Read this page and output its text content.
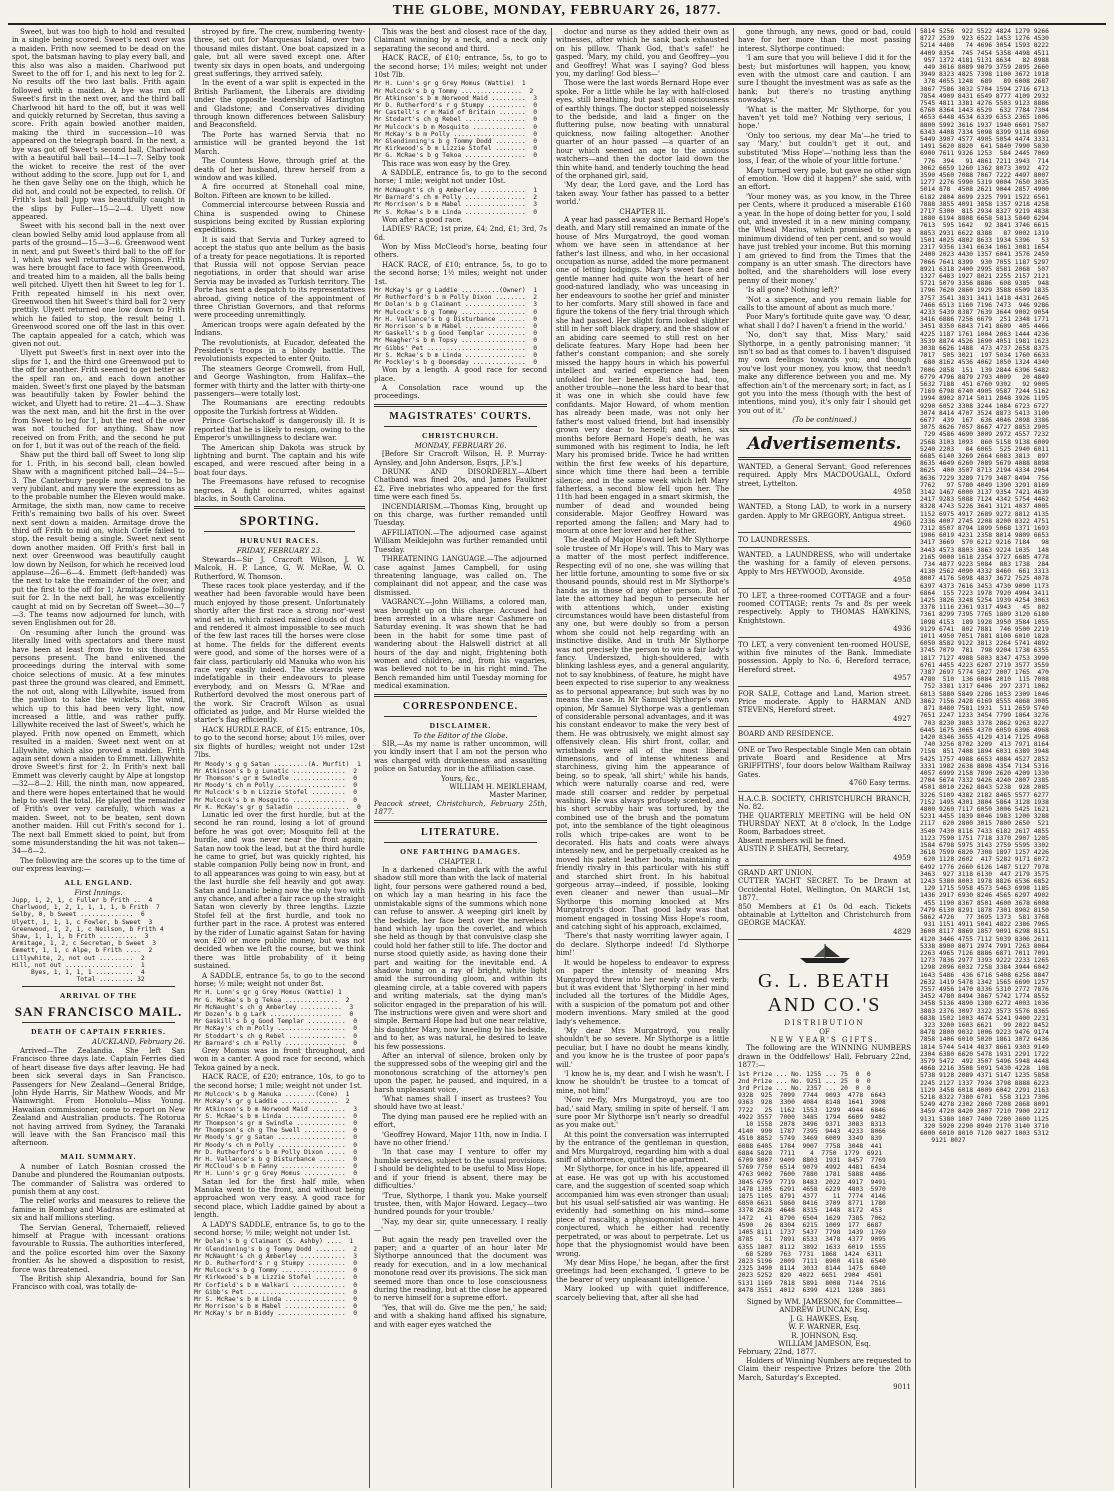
THE GLOBE, MONDAY, FEBRUARY 26, 1877.

Sweet, but was too high to hold and resulted in a single being scored. Sweet's next over was a maiden. Frith now seemed to be dead on the spot, the batsman having to play every ball, and this also was also a maiden. Charlwood put Sweet to the off for 1, and his next to leg for 2. No results off the two last balls. Frith again followed with a maiden. A bye was run off Sweet's first in the next over, and the third ball Charlwood hit hard to the off, but it was well and quickly returned by Secretan, thus saving a score. Frith again bowled another maiden, making the third in succession—10 was appeared on the telegraph board. In the next, a bye was got off Sweet's second ball, Charlwood with a beautiful ball bail—14—1—7. Selby took the wicket to receive the rest of the over without adding to the score. Jupp out for 1, and he then gave Selby one on the thigh, which he did not, and could not be expected, to relish. Of Frith's last ball Jupp was beautifully caught in the slips by Fuller—15—2—4. Ulyett now appeared.

Sweet with his second ball in the next over clean bowled Selby amid loud applause from all parts of the ground—15—3—6. Greenwood went in next, and put Sweet's third ball to the off for 1, which was well returned by Simpson. Frith was here brought face to face with Greenwood, and treated him to a maiden, all the balls being well pitched. Ulyett then hit Sweet to leg for 1. Frith repeated himself in his next over, Greenwood then hit Sweet's third ball for 2 very prettily. Ulyett returned one low down to Frith which he failed to stop, the result being 1. Greenwood scored one off the last in this over. The captain appealed for a catch, which was given not out.

Ulyett put Sweet's first in next over into the slips for 1, and the third one Greenwood put to the off for another. Frith seemed to get better as the spell ran on, and each down another maiden. Sweet's first one played by the batsman was beautifully taken by Fowler behind the wicket, and Ulyett had to retire. 21—4—3. Shaw was the next man, and hit the first in the over from Sweet to leg for 1, but the rest of the over was not touched for anything. Shaw now received on from Frith, and the second he put on for 1, but it was out of the reach of the field.

Shaw put the third ball off Sweet to long slip for 1. Frith, in his second ball, clean bowled Shaw with a magnificent pitched ball—24—5—3. The Canterbury people now seemed to be very jubilant, and many were the expressions as to the probable number the Eleven would make. Armitage, the sixth man, now came to receive Frith's remaining two balls of his over. Sweet next sent down a maiden. Armitage drove the third off Frith to mid on, which Corfe failed to stop, the result being a single. Sweet next sent down another maiden. Off Frith's first ball in next over Greenwood was beautifully caught low down by Neilson, for which he received loud applause—26—6—4. Emmett (left-handed) was the next to take the remainder of the over, and put the first to the off for 1; Armitage following suit for 2. In the next ball, he was excellently caught at mid on by Secretan off Sweet—30—7—3. The teams now adjourned for lunch, with seven Englishmen out for 28.

On resuming after lunch the ground was literally lined with spectators and there must have been at least from five to six thousand persons present. The band enlivened the proceedings during the interval with some choice selections of music. At a few minutes past three the ground was cleared, and Emmett, the not out, along with Lillywhite, issued from the pavilion to take the wickets. The wind, which up to this had been very light, now increased a little, and was rather puffy. Lillywhite received the last of Sweet's, which he played. Frith now opened on Emmett, which resulted in a maiden. Sweet next went on at Lillywhite, which also proved a maiden. Frith again sent down a maiden to Emmett. Lillywhite drove Sweet's first for 2. In Frith's next ball Emmett was cleverly caught by Alpe at longstop—32—8—2. Hill, the ninth man, now appeared, and there were hopes entertained that he would help to swell the total. He played the remainder of Frith's over very carefully, which was a maiden. Sweet, not to be beaten, sent down another maiden. Hill cut Frith's second for 1. The next ball Emmett skied to point, but from some misunderstanding the hit was not taken—34—8—2.

The following are the scores up to the time of our express leaving:—

ALL ENGLAND.
First Innings.
Jupp, 1, 2, 1, c Fuller b Frith ..  4
Charlwood, 1, 2, 1, 1, 1, 1, b Frith  7
Selby, 0, b Sweet ..............  6
Ulyett, 1, 1, 1, c Fowler, b Sweet  3
Greenwood, 1, 2, 1, c Neilson, b Frith 4
Shaw, 1, 1, 1, b Frith ..........  3
Armitage, 1, 2, c Secretan, b Sweet  3
Emmett, 1, 1, c Alpe, b Frith ....  2
Lillywhite, 2, not out .........  2
Hill, not out ..................  1
Byes, 1, 1, 1, 1 ..........  4
Total ......... 32
ARRIVAL OF THE
SAN FRANCISCO MAIL.
DEATH OF CAPTAIN FERRIES.
AUCKLAND, February 26.

Arrived—The Zealandia. She left San Francisco three days late. Captain Ferries died of heart disease five days after leaving. He had been sick several days in San Francisco. Passengers for New Zealand—General Bridge, John Hyde Harris, Sir Mathew Woods, and Mr Wainwright. From Honolulu—Miss Young. Hawaiian commissioner, come to report on New Zealand and Australian products. The Rotorua not having arrived from Sydney, the Taranaki will leave with the San Francisco mail this afternoon.

MAIL SUMMARY.

A number of Latch Bosnian crossed the Danube and plundered the Roumanian outposts. The commander of Salistra was ordered to punish them at any cost.

The relief works and measures to relieve the famine in Bombay and Madras are estimated at six and half millions sterling.

The Servian General, Tchernaieff, relieved himself at Prague with incessant orations favourable to Russia. The authorities interfered, and the police escorted him over the Saxony frontier. As he showed a disposition to resist, force was threatened.

The British ship Alexandria, bound for San Francisco with coal, was totally de-

stroyed by fire. The crew, numbering twenty-three, set out for Marquesas Island, over two thousand miles distant. One boat capsized in a gale, but all were saved except one. After twenty six days in open boats, and undergoing great sufferings, they arrived safely.

In the event of a war split is expected in the British Parliament, the Liberals are dividing under the opposite leadership of Hartington and Gladstone; and Conservatives dividing through known differences between Salisbury and Beaconsfield.

The Porte has warned Servia that no armistice will be granted beyond the 1st March.

The Countess Howe, through grief at the death of her husband, threw herself from a window and was killed.

A fire occurred at Stonehall coal mine, Bolton. Fifteen are known to be killed.

Commercial intercourse between Russia and China is suspended owing to Chinese suspicions being excited by Russian exploring expeditions.

It is said that Servia and Turkey agreed to accept the status quo ante bellum as the basis of a treaty for peace negotiations. It is reported that Russia will not oppose Servian peace negotiations, in order that should war arise Servia may be invaded as Turkish territory. The Porte has sent a despatch to its representatives abroad, giving notice of the appointment of three Christian Governors, and that reforms were proceeding unremittingly.

American troops were again defeated by the Indians.

The revolutionists, at Eucador, defeated the President's troops in a bloody battle. The revolutionists expected to enter Quito.

The steamers George Cromwell, from Hull, and George Washington, from Halifax—the former with thirty and the latter with thirty-one passengers—were totally lost.

The Roumanians are erecting redoubts opposite the Turkish fortress at Widden.

Prince Gortschakoff is dangerously ill. It is reported that he is likely to resign, owing to the Emperor's unwillingness to declare war.

The American ship Dakota was struck by lightning and burnt. The captain and his wife escaped, and were rescued after being in a boat four days.

The Freemasons have refused to recognise negroes. A fight occurred, whites against blacks, in South Carolina.

SPORTING.
HURUNUI RACES.
FRIDAY, FEBRUARY 23.

Stewards—Sir J. Cracroft Wilson, J. W. Malcok, H. P. Lance, G. W. McRae, W. O. Rutherford, W. Thomson.

These races took place yesterday, and if the weather had been favorable would have been much enjoyed by those present. Unfortunately shortly after the first race a strong nor'-west wind set in, which raised rained clouds of dust and rendered it almost impossible to see much of the few last races till the horses were close at home. The fields for the different events were good, and some of the horses were of a fair class, particularly old Manuka who won his race very easily indeed. The stewards were indefatigable in their endeavours to please everybody, and on Messrs G. M'Rae and Rutherford devolved the most onerous part of the work. Sir Cracroft Wilson as usual officiated as judge, and Mr Hurse wielded the starter's flag efficiently.

HACK HURDLE RACE, of £15; entrance, 10s, to go to the second horse; about 1½ miles, over six flights of hurdles; weight not under 12st 7lbs.

Mr Moody's g g Satan .........(A. Murfit)  1
Mr Atkinson's b g Lunatic ..............  2
Mr Thomson's gr m Swindle ..............  0
Mr Moody's ch m Polly ..................  0
Mr Mulcock's b m Lizzie Stofel .........  0
Mr Mulcock's b m Mosquito ..............  0
Mr K. McKay's gr g Saladin ..............  0

Lunatic led over the first hurdle, but at the second he ran round, losing a lot of ground before he was got over; Mosquito fell at the hurdle, and was never near the front again; Satan now took the lead, but at the third hurdle he came to grief, but was quickly righted, his stable companion Polly being now in front, and to all appearances was going to win easy, but at the last hurdle she fell heavily and got away. Satan and Lunatic being now the only two with any chance, and after a fair race up the straight Satan won cleverly by three lengths. Lizzie Stofel fell at the first hurdle, and took no further part in the race. A protest was entered by the rider of Lunatic against Satan for having won £20 or more public money, but was not decided when we left the course, but we think there was little probability of it being sustained.

A SADDLE, entrance 5s, to go to the second horse; ½ mile; weight not under 8st.

Mr H. Lunn's gr g Grey Momus (Wattie) 1
Mr G. McRae's b g Tekoa ..............  2
Mr McNaught's ch g Amberley ...........  3
Mr Dozen's b g Lark ...................  0
Mr Gaskill's b g Good Templar ..........  0
Mr McKay's ch m Polly ..................  0
Mr Stoddart's ch g Rebel ...............  0
Mr Barnard's ch m Polly ................  0

Grey Momus was in front throughout, and won in a canter. A good race for second, which Tekoa gained by a neck.

HACK RACE, of £20; entrance, 10s, to go to the second horse; 1 mile; weight not under 1st.

Mr Mulcock's b g Manuka ........(Cone)  1
Mr McKay's gr g Laddie ...............  2
Mr Atkinson's b m Norwood Maid .........  3
Mr S. McRae's b m Linda ................  0
Mr Thompson's gr m Swindle .............  0
Mr Thompson's ch g The Swell ...........  0
Mr Moody's gr g Satan ..................  0
Mr Moody's ch m Polly ..................  0
Mr D. Rutherford's b m Polly Dixon .....  0
Mr H. Vallance's b g Disturbance .......  0
Mr McCloud's b m Fanny .................  0
Mr H. Lunn's gr g Grey Momus ...........  0

Satan led for the first half mile, when Manuka went to the front, and without being approached won very easy. A good race for second place, which Laddie gained by about a length.

A LADY'S SADDLE, entrance 5s, to go to the second horse; ½ mile; weight not under 1st.

Mr Dolan's b g Claimant (S. Ashby) ....  1
Mr Glendinning's b g Tommy Dodd ........  2
Mr McNaught's ch g Amberley ............  3
Mr D. Rutherford's r g Stumpy ..........  0
Mr Mulcock's b g Tommy .................  0
Mr Kirkwood's b m Lizzie Stofel ........  0
Mr Corfield's b m Walkari ..............  0
Mr Gibb's Pet ..........................  0
Mr S. McRae's b m Linda ................  0
Mr Morrison's b m Mabel ................  0
Mr McKay's br m Biddy ..................  0

This was the best and closest race of the day, Claimant winning by a neck, and a neck only separating the second and third.

HACK RACE, of £10; entrance, 5s, to go to the second horse; 1½ miles; weight not under 10st 7lb.

Mr H. Lunn's gr g Grey Momus (Wattie)  1
Mr Mulcock's b g Tommy ................  2
Mr Atkinson's b m Norwood Maid .........  3
Mr D. Rutherford's r g Stumpy ..........  0
Mr Castell's r m Maid of Britain .......  0
Mr Stodart's ch g Rebel ................  0
Mr Mulcock's b m Mosquito ..............  0
Mr McKay's b m Polly ...................  0
Mr Glendinning's b g Tommy Dodd ........  0
Mr Kirkwood's b m Lizzie Stofel ........  0
Mr G. McRae's b g Tekoa ................  0

This race was won easy by the Grey.

A SADDLE, entrance 5s, to go to the second horse; 1 mile; weight not under 10st.

Mr McNaught's ch g Amberley ............  1
Mr Barnard's ch m Polly ................  2
Mr Morrison's b m Mabel ................  3
Mr S. McRae's b m Linda ................  0

Won after a good race.

LADIES' RACE; 1st prize, £4; 2nd, £1; 3rd, 7s 6d.

Won by Miss McCleod's horse, beating four others.

HACK RACE, of £10; entrance, 5s, to go to the second horse; 1½ miles; weight not under 1st.

Mr McKay's gr g Laddie ..........(Owner)  1
Mr Rutherford's b m Polly Dixon ........  2
Mr Dolan's b g Claimant ................  3
Mr Mulcock's b g Tommy .................  0
Mr H. Vallance's b g Disturbance .......  0
Mr Morrison's b m Mabel ................  0
Mr Gaskell's b g Good Templar ..........  0
Mr Meagher's b m Topsy .................  0
Mr Gibbs' Pet ..........................  0
Mr S. McRae's b m Linda ................  0
Mr Pockley's b g Doomsday ..............  0

Won by a length. A good race for second place.

A Consolation race wound up the proceedings.

MAGISTRATES' COURTS.
CHRISTCHURCH.
MONDAY, FEBRUARY 26.

[Before Sir Cracroft Wilson, H. P. Murray-Aynsley, and John Anderson, Esqrs, J.P.'s.]

DRUNK AND DISORDERLY.—Albert Chatband was fined 20s, and James Faulkner £2. Five inebriates who appeared for the first time were each fined 5s.

INCENDIARISM.—Thomas King, brought up on this charge, was further remanded until Tuesday.

AFFILIATION.—The adjourned case against William Meiklejohn was further remanded until Tuesday.

THREATENING LANGUAGE.—The adjourned case against James Campbell, for using threatening language, was called on. The complainant did not appear, and the case was dismissed.

VAGRANCY.—John Williams, a colored man, was brought up on this charge. Accused had been arrested in a whare near Cashmere on Saturday evening. It was shown that he had been in the habit for some time past of wandering about the Halswell district at all hours of the day and night, frightening both women and children, and, from his vagaries, was believed not to be in his right mind. The Bench remanded him until Tuesday morning for medical examination.

CORRESPONDENCE.
DISCLAIMER.
To the Editor of the Globe.

SIR,—As my name is rather uncommon, will you kindly insert that I am not the person who was charged with drunkenness and assaulting police on Saturday, nor in the affiliation case.

Yours, &c.,
WILLIAM H. MEIKLEHAM,
Master Mariner,
Peacock street, Christchurch, February 25th, 1877.
LITERATURE.
ONE FARTHING DAMAGES.
CHAPTER I.

In a darkened chamber, dark with the awful shadow still more than with the lack of material light, four persons were gathered round a bed, on which lay a man hearing in his face the unmistakable signs of the summons which none can refuse to answer. A weeping girl knelt by the bedside, her face bent over the nerveless hand which lay upon the coverlet, and which she held as though by that convulsive clasp she could hold her father still to life. The doctor and nurse stood quietly aside, as having done their part and waiting for the inevitable end. A shadow hung on a ray of bright, white light amid the surrounding gloom, and within its gleaming circle, at a table covered with papers and writing materials, sat the dying man's solicitor engaged in the preparation of his will. The instructions were given and were short and simple. Bernard Hope had but one near relative, his daughter Mary, now kneeling by his bedside, and to her, as was natural, he desired to leave his few possessions.

After an interval of silence, broken only by the suppressed sobs of the weeping girl and the monotonous scratching of the attorney's pen upon the paper, he paused, and inquired, in a harsh unpleasant voice,

'What names shall I insert as trustees? You should have two at least.'

The dying man paused ere he replied with an effort,

'Geoffrey Howard, Major 11th, now in India. I have no other friend.'

'In that case may I venture to offer my humble services, subject to the usual provisions. I should be delighted to be useful to Miss Hope; and if your friend is absent, there may be difficulties.'

'True, Slythorpe, I thank you. Make yourself trustee, then, with Major Howard. Legacy—two hundred pounds for your trouble.'

'Nay, my dear sir, quite unnecessary. I really—'

But again the ready pen travelled over the paper; and a quarter of an hour later Mr Slythorpe announced that the document was ready for execution, and in a low mechanical monotone read over its provisions. The sick man seemed more than once to lose consciousness during the reading, but at the close he appeared to nerve himself for a supreme effort.

'Yes, that will do. Give me the pen,' he said; and with a shaking hand affixed his signature, and with eager eyes watched the

doctor and nurse as they added their own as witnesses, after which he sank back exhausted on his pillow. 'Thank God, that's safe!' he gasped. 'Mary, my child, you and Geoffrey—you and Geoffrey! What was I saying? God bless you, my darling! God bless—'

Those were the last words Bernard Hope ever spoke. For a little while he lay with half-closed eyes, still breathing, but past all consciousness of earthly things. The doctor stepped noiselessly to the bedside, and laid a finger on the fluttering pulse, now beating with unnatural quickness, now failing altogether. Another quarter of an hour passed —a quarter of an hour which seemed an age to the anxious watchers—and then the doctor laid down the thin white hand, and tenderly touching the head of the orphaned girl, said,

'My dear, the Lord gave, and the Lord has taken away. Your father has passed to a better world.'

CHAPTER II.

A year had passed away since Bernard Hope's death, and Mary still remained an inmate of the house of Mrs Murgatroyd, the good woman whom we have seen in attendance at her father's last illness, and who, in her occasional occupation as nurse, added the more permanent one of letting lodgings. Mary's sweet face and gentle manner had quite won the heart of her good-natured landlady, who was unceasing in her endeavours to soothe her grief and minister to her comforts. Mary still showed in face and figure the tokens of the fiery trial through which she had passed. Her slight form looked slighter still in her soft black drapery, and the shadow of an abiding care seemed to still rest on her delicate features. Mary Hope had been her father's constant companion; and she sorely missed the happy hours in which his powerful intellect and varied experience had been unfolded for her benefit. But she had, too, another trouble—none the less hard to bear that it was one in which she could have few confidants. Major Howard, of whom mention has already been made, was not only her father's most valued friend, but had insensibly grown very dear to herself; and when, six months before Bernard Hope's death, he was summoned with his regiment to India, he left Mary his promised bride. Twice he had written within the first few weeks of his departure, since which time there had been a terrible silence; and in the same week which left Mary fatherless, a second blow fell upon her. The 11th had been engaged in a smart skirmish, the number of dead and wounded being considerable. Major Geoffrey Howard was reported among the fallen; and Mary had to mourn at once her lover and her father.

The death of Major Howard left Mr Slythorpe sole trustee of Mr Hope's will. This to Mary was a matter of the most perfect indifference. Respecting evil of no one, she was willing that her little fortune, amounting to some five or six thousand pounds, should rest in Mr Slythorpe's hands as in those of any other person. But of late the attorney had begun to persecute her with attentions which, under existing circumstances would have been distasteful from any one, but were doubly so from a person whom she could not help regarding with an instinctive dislike. And in truth Mr Slythorpe was not precisely the person to win a fair lady's fancy. Undersized, high-shouldered, with blinking lashless eyes, and a general angularity, not to say knobbiness, of feature, he might have been expected to rise superior to any weakness as to personal appearance; but such was by no means the case. In Mr Samuel Slythorpe's own opinion, Mr Samuel Slythorpe was a gentleman of considerable personal advantages, and it was his constant endeavor to make the very best of them. He was obtrusively, we might almost say offensively clean. His shirt front, collar, and wristbands were all of the most liberal dimensions, and of intense whiteness and starchiness, giving him the appearance of being, so to speak, 'all shirt;' while his hands, which were naturally coarse and red, were made still coarser and redder by perpetual washing. He was always profusely scented, and his short scrubby hair was tortured, by the combined use of the brush and the pomatum pot, into the semblance of the tight oleaginous rolls which tripe-cakes are wont to be decorated. His hats and coats were always intensely new, and he perpetually creaked as he moved his patent leather boots, maintaining a friendly rivalry in this particular with his stiff and starched shirt front. In his habitual gorgeous array—indeed, if possible, looking even cleaner and newer than usual—Mr Slythorpe this morning knocked at Mrs Murgatroyd's door. That good lady was that moment engaged in tossing Miss Hope's room, and catching sight of his approach, exclaimed,

'There's that nasty worriting lawyer again, I do declare. Slythorpe indeed! I'd Slythorpe him!'

It would be hopeless to endeavor to express on paper the intensity of meaning Mrs Murgatroyd threw into her newly coined verb; but it was evident that 'Slythorping' in her mind included all the tortures of the Middle Ages, with a suspicion of the pomatum pot and other modern inventions. Mary smiled at the good lady's vehemence.

'My dear Mrs Murgatroyd, you really shouldn't be so severe. Mr Slythorpe is a little peculiar, but I have no doubt he means kindly, and you know he is the trustee of poor papa's will.'

'I know he is, my dear, and I wish he wasn't. I know he shouldn't be trustee to a tomcat of mine, not him!'

'Now re-fly, Mrs Murgatroyd, you are too bad,' said Mary, smiling in spite of herself. 'I am sure poor Mr Slythorpe isn't nearly so dreadful as you make out.'

At this point the conversation was interrupted by the entrance of the gentleman in question, and Mrs Murgatroyd, regarding him with a dual sniff of abhorrence, quitted the apartment.

Mr Slythorpe, for once in his life, appeared ill at ease. He was got up with his accustomed care, and the suggestion of scented soap which accompanied him was even stronger than usual; but his usual self-satisfied air was wanting. He evidently had something on his mind—some piece of rascality, a physiognomist would have conjectured, which he either had recently perpetrated, or was about to perpetrate. Let us hope that the physiognomist would have been wrong.

'My dear Miss Hope,' he began, after the first greetings had been exchanged, 'I grieve to be the bearer of very unpleasant intelligence.'

Mary looked up with quiet indifference, scarcely believing that, after all she had

gone through, any news, good or bad, could have for her more than the most passing interest. Slythorpe continued:

'I am sure that you will believe I did it for the best; but misfortunes will happen, you know, even with the utmost care and caution. I am sure I thought the investment was as safe as the bank; but there's no trusting anything nowadays.'

'What is the matter, Mr Slythorpe, for you haven't yet told me? Nothing very serious, I hope.'

'Only too serious, my dear Ma'—he tried to say 'Mary,' but couldn't get it out, and substituted 'Miss Hope'—'nothing less than the loss, I fear, of the whole of your little fortune.'

Mary turned very pale, but gave no other sign of emotion. 'How did it happen?' she said, with an effort.

'Your money was, as you know, in the Three per Cents, where it produced a miserable £160 a year. In the hope of doing better for you, I sold out, and invested it in a new mining company, the Wheal Marius, which promised to pay a minimum dividend of ten per cent, and so would have just trebled your income. But this morning I am grieved to find from the Times that the company is an utter smash. The directors have bolted, and the shareholders will lose every penny of their money.'

'Is all gone? Nothing left?'

'Not a sixpence, and you remain liable for calls to the amount of about as much more.'

Poor Mary's fortitude quite gave way. 'O dear, what shall I do? I haven't a friend in the world.'

'No, don't say that, Miss Mary,' said Slythorpe, in a gently patronising manner; 'it isn't so bad as that comes to. I haven't disguised my own feelings towards you; and though you've lost your money, you know, that needn't make any difference between you and me. My affection ain't of the mercenary sort; in fact, as I got you into the mess (though with the best of intentions, mind you), it's only fair I should get you out of it.'

(To be continued.)
Advertisements.
WANTED, a General Servant. Good references required. Apply Mrs MACDOUGALL, Oxford street, Lyttelton.
4958
WANTED, a Stong LAD, to work in a nursery garden. Apply to Mr GREGORY, Antigua street.
4960
TO LAUNDRESSES.
WANTED, a LAUNDRESS, who will undertake the washing for a family of eleven persons. Apply to Mrs HEYWOOD, Avonside.
4958
TO LET, a three-roomed COTTAGE and a four-roomed COTTAGE; rents 7s and 8s per week respectively. Apply to THOMAS HAWKINS, Knightstown.
4936
TO LET, a very convenient ten-roomed HOUSE, within five minutes of the Bank. Immediate possession. Apply to No. 6, Hereford terrace, Hereford street.
4957
FOR SALE, Cottage and Land, Marion street. Price moderate. Apply to HARMAN AND STEVENS, Hereford street.
4927
BOARD AND RESIDENCE.
ONE or Two Respectable Single Men can obtain private Board and Residence at Mrs GRIFFITHS', four doors below Waltham Railway Gates.
4760 Easy terms.
H.A.C.B. SOCIETY, CHRISTCHURCH BRANCH, No. 82.
THE QUARTERLY MEETING will be held ON THURSDAY NEXT, At 8 o'clock, In the Lodge Room, Barbadoes street.
Absent members will be fined.
AUSTIN P. SHEATH, Secretary,
4959
GRAND ART UNION.
CUTTER YACHT SECRET. To be Drawn at Occidental Hotel, Wellington, On MARCH 1st, 1877.
850 Members at £1 0s 0d each. Tickets obtainable at Lyttelton and Christchurch from GEORGE MACKAY.
4829
G. L. BEATH AND CO.'S
DISTRIBUTION
OF
NEW YEAR'S GIFTS.

The following are the WINNING NUMBERS drawn in the Oddfellows' Hall, February 22nd, 1877:—

1st Prize ... No. 1255 ... 75  0  0
2nd Prize ... No. 9251 ... 25  0  0
3rd Prize ... No. 2357 ... 20  0  0
9328  925  7099  7744  9093  4778  6643
9363  928  3300  4084  8148  1641  3908
7722   25  1162  1553  1299  4944  6846
4922 3557  7000  3485  1794  6609  9482
10 1558  2078  3496  9371  3083  8313
4140  990  1787  7395  9443  4233  8066
4510 8852  5749  3469  6009  3349  839
6088 6405  1784  9007  7758  3048  441
6884 5828  7711    4  7750  1779  6921
6709 8007  9409  8803  1931  8457  7769
5769 7750  6514  9079  4992  4481  6434
4763 9002  7600  7880  1781  5888  4486
3845 6759  7719  8483  2022  4917  9491
1478 1305  6291  4658  6229  4803  5970
1875 1105  8791  4377    11  7774  4146
6850 6631  5860  8416  3709  8771  1780
3378 2628  4648  8315  1448  8172  453
1472   41  8790  6504  1629  7385  7062
4590   26  8304  6215  1009  177  6687
1405 8111  1737  5437  7798  1439  1769
8785   51  7891  6533  3478  4377  9095
6355 1807  8112  3892  1633  6019  1555
68 5289  763  7731  1868  1424  6311
2823 5196  2009  7111  8900  4118  6540
2325 3490  8114  3033  8144  1475  6040
2023 5252  829  4022  6651  2904  4501
5131 1169  7818  5891  8008  7144  7516
8478 3551  4012  6399  4121  1280  3861
Signed by WM. JAMESON, for Committee—
ANDREW DUNCAN, Esq.
J. G. HAWKES, Esq.
W. F. WARNER, Esq.
R. JOHNSON, Esq.
WILLIAM JAMESON, Esq.
February, 22nd, 1877.

Holders of Winning Numbers are requested to Claim their respective Prizes before the 20th March, Saturday's Excepted.

9011
5814 5256  922 5522 4824 1279 9266
8727 2539  923 6522 1453 1276 4530
5214 4480   74 4696 3054 1593 8222
4409 8354  745 7454 5358 4498 4511
957 1372 4181 5131 8634   82 8988
449 3016 8089 9079 3759 2895 2660
3949 8323 4825 7398 1100 3672 1918
378 4055 1248  689   89 6008 2687
3867 7586 3032 5704 1594 2716 6713
7854 4909 8431 6549 8777 4109 2932
7545 4811 3381 4276 5503 9123 8886
6760 8364 1443 6529  632 7784 7304
4653 6448 4534 6339 6353 2365 1006
8800 5992 3616 1937 1940 6601 7507
6343 4408 7334 5098 8399 9118 6960
5449 3907 4577 4905 5054 4474 3331
1491 5620 8820  641 5840 7990 5830
6900 7611 9326 1253  584 2445 7069
776  394   91 4861 7211 3943  714
3062 6659 1260 1362 8073 3092  472
3590 4560 7088 7067 7222 4497 8007
1277 2276 5990 5319 9004 7650 3035
5014 878  4508 2621 9044 2857 4900
6182 2804 8699 2325 7991 1522 6561
7888 3855 4091 3858 1357 9218 4258
2717 5300  815 2934 8327 9219 4838
1080 6194 8808 6658 5813 5840 6294
7613  595 1642   92 3841 3746 6615
8853 2931 6622 8388   87 9002 1319
1501 4025 4802 8633 1934 5396   53
2317 9356 1341 6634 1061 3081 1654
2400 2023 4430 1357 6041 3576 2459
7066 7641 8399  930 7055 1187 5297
8921 6318 2400 2995 8581 2068  507
1327 6483 1927 8021 2255 2157 2121
5721 5079 3356 8886  608 9385  948
1796 7620 2860 1929 3588 6509 1835
3757 3541 3831 3411 1418 4431 2645
7466 6513 1160 7196 7473  946 9286
4233 5439 8387 7639 3644 9002 9054
3416 6886 7256 6679  251 2348 1771
3451 8350 6843 7141 8609  405 4466
4225 1187 1761 1004 2063 1444 4236
3539 8874 4526 1690 4051 1981 1623
3038 6626 1488  473 4737 2658 8375
7017  505 3021  197 5034 1760 6633
680 8162 4536 4062 1050 1324 4340
7006 2858  151  139 2844 6396 5482
6779 4796 8879 2793 4009   20 4849
5632 7188  451 6760 9302   92 9005
7169 6798 6740 4905 9587 7244 5162
1994 8902 8714 5011 2848 3926 1195
9290 6052 3308 3244 1084 6723 6727
3074 8414 4707 3524 8873 5413 3100
6677  439  167  636 4046 2098 3386
3075 8626 7057 8667 4727 8853 2905
729 4586 4690 3009 2972 4557 7232
2568 3103 1093  860 5158 9138 6009
5240 2203   84 6065  525 2940 6011
6685 6140 3269 2664 6083 3813  897
8635 4649 6260 7089 5679 4088 8898
8625  400 3507 8713 2194 4334 2964
8636 7229 3289 7179 3487 8494  756
7762   97 5780 4049 1390 3291 8169
3142 1467 6000 3137 9354 7421 4639
2417 9283 5088 7124 4342 5754 4462
8328 4743 5226 3641 3121 4037 4005
1152 6975 4917 2689 9272 8812 4135
2336 4007 2745 2208 8200 8322 4751
7312 8507 8794 1899 5068 1371 1693
1906 6019 4231 2358 8014 9809 6653
3417 3669  570 6212 9216 7184   98
3443 4573 8803 3863 9224 1035  148
2165 9000 1618 2354 3727 6685 4778
734 4877 9223 5084  883 1738  284
4130 2562 4090 4332 8460  661 3313
8007 4176 5098 4837 3672 7525 4078
6397 4373 7616 3453 4730 9090 1173
6864  155 7223 1978 7920 4904 3411
1425 3826 3248 5254 1939 4254 3063
3378 1116 2361 9317 4943   45  802
7361 8299 7395 7765 1809 3120 6180
1098 4153  189 1928 3950 3584 1055
9129 6741  802 7881  746 9500 2219
1011 4950 7051 7881 8100 6010 1828
6050 8582 9122 3813 2264 5741 4892
3745 7079  781  798 9204 1738 6355
1817 7127 4988 5803 8347 4753 3990
6761 4455 4223 6207 2719 3577 3559
7387 2697 5774 5027 2007 1765  470
4780  510  136 6084 2010  115 7008
752 3381 1317 6406  297 2371 1062
6013 5880 5849 2286 1053 2309 1046
3862 7156 2428 6169 8555 4868 3005
871 8480 7581 1931  511 2659 5740
7651 2247 1233 3454 7799 1864 3276
703 8230 3803 3378 2862 9263 8227
6445 1675 3065 4370 6059 6396 4968
1420 8346 3655 4129 4314 7125 4968
740 3256 8702 3209  413 7971 8164
7158  851 7408 1894 6031 6389 3948
5425 1757 4988 6653 4884 4527 2852
3331 1982 2638 8898 4354 7134 5316
4057 6999 2158 7890 2620 4209 1330
2704 5674 7332 9426 4240 2807 2385
4501 8010 2262 8843 5238  928 2085
3226 5109 4382 2182 8465 5577 6277
7152 1495 4301 3804 5864 3128 1938
4800 9260 7117 6050 3006 5425 1621
5231 4455 1839 8046 1983 1200 3288
2117  620 2800 3015 7800 2650  521
3540 7430 8116 7433 6182 2617 4855
1123 7590 1751 7718 3370 2907 1205
1584 6798 5975 3143 2759 5595 3302
3618 7599 6820 7308 1897 1257 4226
620 1128 2602  417 5282 9171 6072
6492 1776 2660 6126 1487 5127 7978
3463  927 3118 6130  447 2179 3575
1243 5380 8003 1978 8826 6536 6852
129 1715 5958 4573 5463 6998 1185
1436 2917 6930 8246 4565 6297 4902
455 1190 8367 8501 4600 3678 6008
7479 6130 8291 1878 7301 8902 8150
5862 4726   77 3695 1373  581 3768
931 1151 4911 5041 4822 2386 7965
3600 8117 8869 1857 9091 6298 8151
4120 3446 4755 7112 5039 8306 2611
5338 8900 8071 2974 7991 7263 8064
2263 4965 7126 8886 6871 7011 7091
1273 7836 2977 3393 9222 2233 1265
1298 2096 6032 7258 3384 3944 6042
1643 5486  436 6716 5408 6256 8847
2632 1419 5478 1342 1565 6690 1257
7557 4956 1470 8336 5310 2772 7876
3452 4780 8494 3867 5742 1774 8552
3458 5136 4890 1380 6272 4003 1036
3883 2376 3097 3322 3573 5576 8365
6838 1502 1003 4674 5241 9400 2231
323 3200 1603 6621   99 2022 8452
8478 2800 9032 1006 9223 9476 9174
7858 1406 6010 5020 1861 3072 6436
1814 5744 5414 4837 8661 9303 9149
2304 6380 6620 5478 1931 2291 1722
3579 5472  492 3507 5496 5948 4448
4068 2216 3508 5091 5430 4228  108
5738 9128 2089 4371 5147 1235 5858
2245 2127 1337 7934 3798 8888 6223
1129 3458 6018 4009 6042 2291 2163
5218 8322 7380 6701  558 3123 7306
5249 4278 2302 2860 7208 2868 8091
3459 4720 8420 3007 7210 7900 2212
9131 5380 1007 7400 7280 3600 1125
320 5920 2290 8940 2170 3140 3710
6000 6010 8010 7120 9027 1003 5312
9121 8027
